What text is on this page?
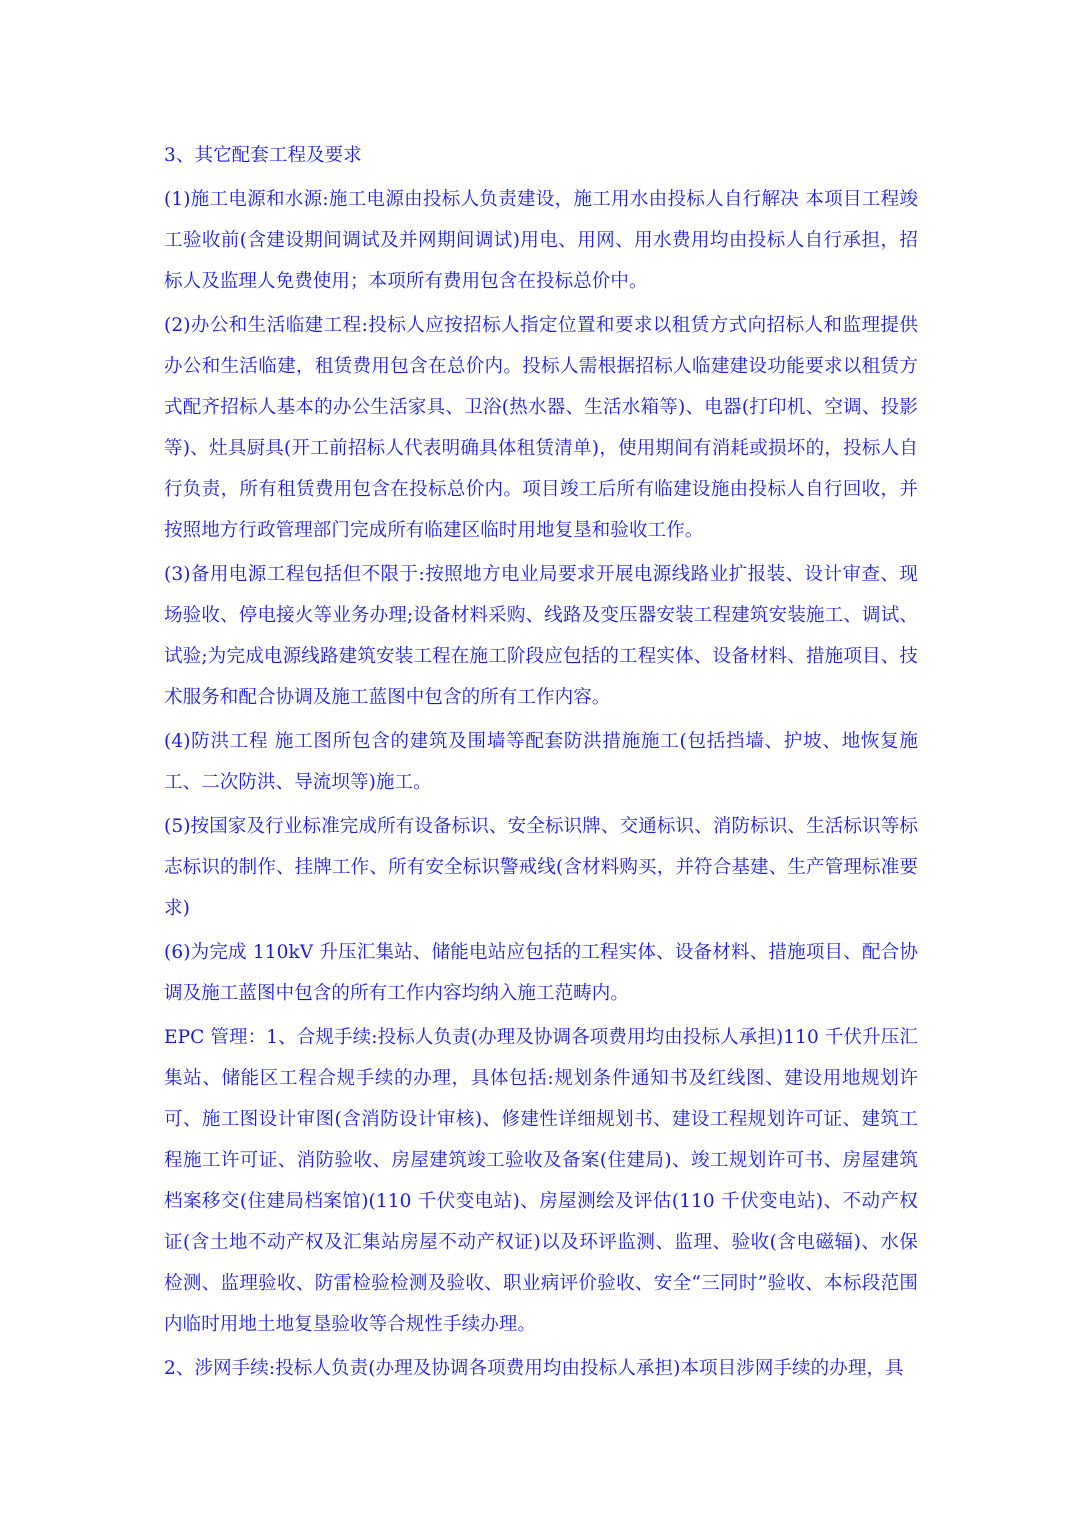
3、其它配套工程及要求
(1)施工电源和水源:施工电源由投标人负责建设，施工用水由投标人自行解决 本项目工程竣工验收前(含建设期间调试及并网期间调试)用电、用网、用水费用均由投标人自行承担，招标人及监理人免费使用；本项所有费用包含在投标总价中。
(2)办公和生活临建工程:投标人应按招标人指定位置和要求以租赁方式向招标人和监理提供办公和生活临建，租赁费用包含在总价内。投标人需根据招标人临建建设功能要求以租赁方式配齐招标人基本的办公生活家具、卫浴(热水器、生活水箱等)、电器(打印机、空调、投影等)、灶具厨具(开工前招标人代表明确具体租赁清单)，使用期间有消耗或损坏的，投标人自行负责，所有租赁费用包含在投标总价内。项目竣工后所有临建设施由投标人自行回收，并按照地方行政管理部门完成所有临建区临时用地复垦和验收工作。
(3)备用电源工程包括但不限于:按照地方电业局要求开展电源线路业扩报装、设计审查、现场验收、停电接火等业务办理;设备材料采购、线路及变压器安装工程建筑安装施工、调试、试验;为完成电源线路建筑安装工程在施工阶段应包括的工程实体、设备材料、措施项目、技术服务和配合协调及施工蓝图中包含的所有工作内容。
(4)防洪工程 施工图所包含的建筑及围墙等配套防洪措施施工(包括挡墙、护坡、地恢复施工、二次防洪、导流坝等)施工。
(5)按国家及行业标准完成所有设备标识、安全标识牌、交通标识、消防标识、生活标识等标志标识的制作、挂牌工作、所有安全标识警戒线(含材料购买，并符合基建、生产管理标准要求)
(6)为完成 110kV 升压汇集站、储能电站应包括的工程实体、设备材料、措施项目、配合协调及施工蓝图中包含的所有工作内容均纳入施工范畴内。
EPC 管理：1、合规手续:投标人负责(办理及协调各项费用均由投标人承担)110 千伏升压汇集站、储能区工程合规手续的办理，具体包括:规划条件通知书及红线图、建设用地规划许可、施工图设计审图(含消防设计审核)、修建性详细规划书、建设工程规划许可证、建筑工程施工许可证、消防验收、房屋建筑竣工验收及备案(住建局)、竣工规划许可书、房屋建筑档案移交(住建局档案馆)(110 千伏变电站)、房屋测绘及评估(110 千伏变电站)、不动产权证(含土地不动产权及汇集站房屋不动产权证)以及环评监测、监理、验收(含电磁辐)、水保检测、监理验收、防雷检验检测及验收、职业病评价验收、安全“三同时”验收、本标段范围内临时用地土地复垦验收等合规性手续办理。
2、涉网手续:投标人负责(办理及协调各项费用均由投标人承担)本项目涉网手续的办理，具
